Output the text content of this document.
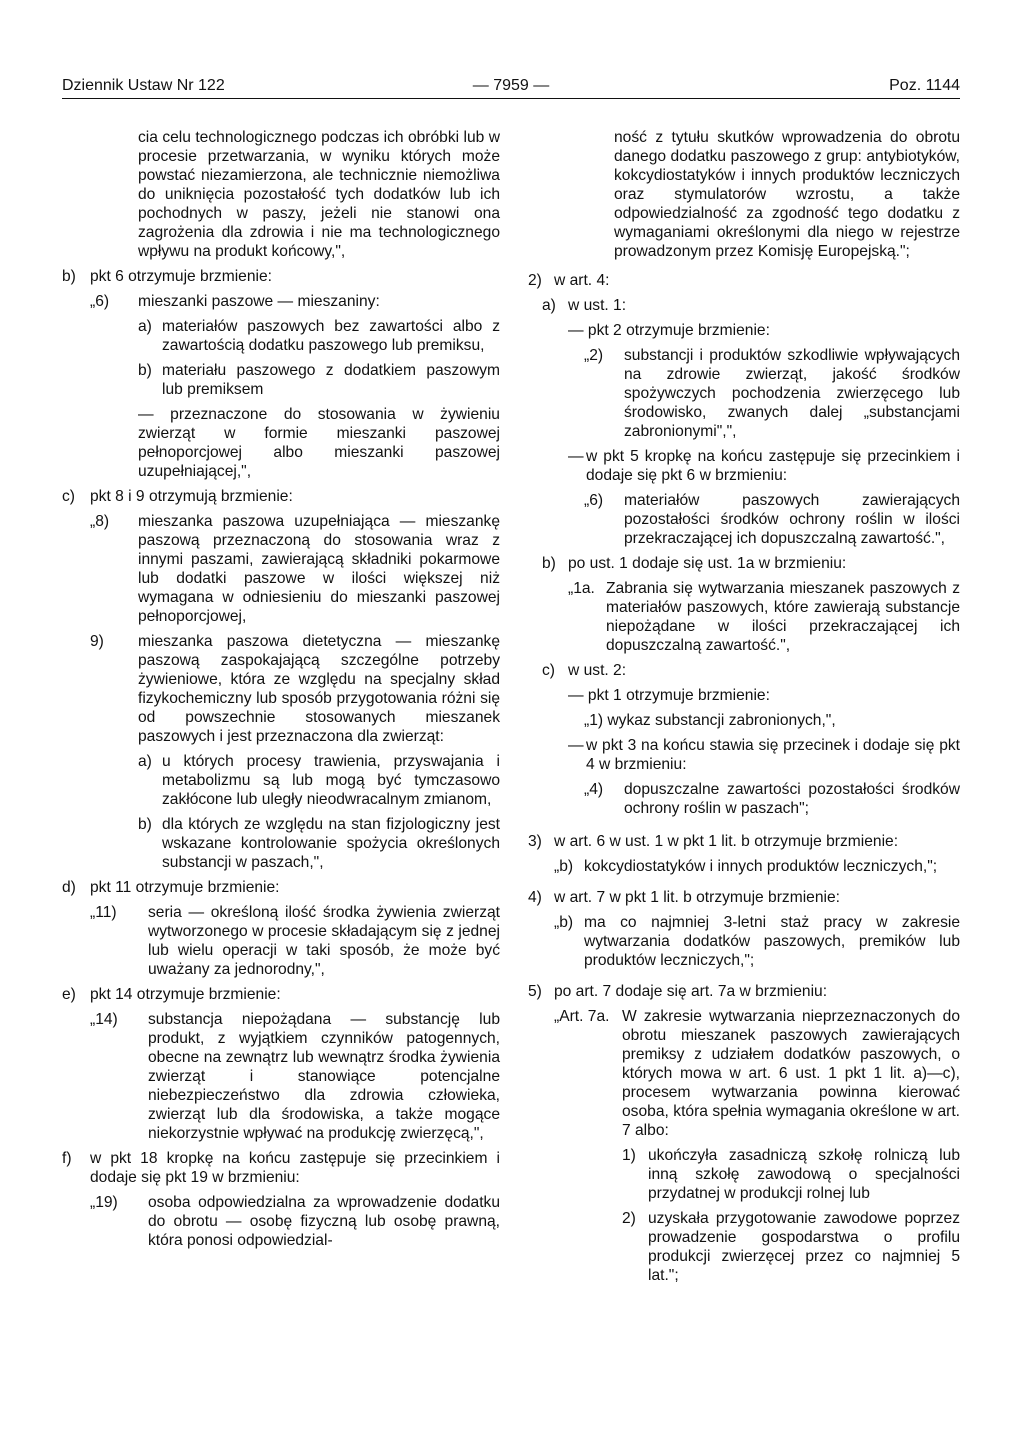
Dziennik Ustaw Nr 122	— 7959 —	Poz. 1144
cia celu technologicznego podczas ich obróbki lub w procesie przetwarzania, w wyniku których może powstać niezamierzona, ale technicznie niemożliwa do uniknięcia pozostałość tych dodatków lub ich pochodnych w paszy, jeżeli nie stanowi ona zagrożenia dla zdrowia i nie ma technologicznego wpływu na produkt końcowy,",
b) pkt 6 otrzymuje brzmienie:
„6) mieszanki paszowe — mieszaniny:
a) materiałów paszowych bez zawartości albo z zawartością dodatku paszowego lub premiksu,
b) materiału paszowego z dodatkiem paszowym lub premiksem
— przeznaczone do stosowania w żywieniu zwierząt w formie mieszanki paszowej pełnoporcjowej albo mieszanki paszowej uzupełniającej,",
c) pkt 8 i 9 otrzymują brzmienie:
„8) mieszanka paszowa uzupełniająca — mieszankę paszową przeznaczoną do stosowania wraz z innymi paszami, zawierającą składniki pokarmowe lub dodatki paszowe w ilości większej niż wymagana w odniesieniu do mieszanki paszowej pełnoporcjowej,
9) mieszanka paszowa dietetyczna — mieszankę paszową zaspokajającą szczególne potrzeby żywieniowe, która ze względu na specjalny skład fizykochemiczny lub sposób przygotowania różni się od powszechnie stosowanych mieszanek paszowych i jest przeznaczona dla zwierząt:
a) u których procesy trawienia, przyswajania i metabolizmu są lub mogą być tymczasowo zakłócone lub uległy nieodwracalnym zmianom,
b) dla których ze względu na stan fizjologiczny jest wskazane kontrolowanie spożycia określonych substancji w paszach,",
d) pkt 11 otrzymuje brzmienie:
„11) seria — określoną ilość środka żywienia zwierząt wytworzonego w procesie składającym się z jednej lub wielu operacji w taki sposób, że może być uważany za jednorodny,",
e) pkt 14 otrzymuje brzmienie:
„14) substancja niepożądana — substancję lub produkt, z wyjątkiem czynników patogennych, obecne na zewnątrz lub wewnątrz środka żywienia zwierząt i stanowiące potencjalne niebezpieczeństwo dla zdrowia człowieka, zwierząt lub dla środowiska, a także mogące niekorzystnie wpływać na produkcję zwierzęcą,",
f) w pkt 18 kropkę na końcu zastępuje się przecinkiem i dodaje się pkt 19 w brzmieniu:
„19) osoba odpowiedzialna za wprowadzenie dodatku do obrotu — osobę fizyczną lub osobę prawną, która ponosi odpowiedzial-
ność z tytułu skutków wprowadzenia do obrotu danego dodatku paszowego z grup: antybiotyków, kokcydiostatyków i innych produktów leczniczych oraz stymulatorów wzrostu, a także odpowiedzialność za zgodność tego dodatku z wymaganiami określonymi dla niego w rejestrze prowadzonym przez Komisję Europejską.";
2) w art. 4:
a) w ust. 1:
— pkt 2 otrzymuje brzmienie:
„2) substancji i produktów szkodliwie wpływających na zdrowie zwierząt, jakość środków spożywczych pochodzenia zwierzęcego lub środowisko, zwanych dalej „substancjami zabronionymi",",
— w pkt 5 kropkę na końcu zastępuje się przecinkiem i dodaje się pkt 6 w brzmieniu:
„6) materiałów paszowych zawierających pozostałości środków ochrony roślin w ilości przekraczającej ich dopuszczalną zawartość.",
b) po ust. 1 dodaje się ust. 1a w brzmieniu:
„1a. Zabrania się wytwarzania mieszanek paszowych z materiałów paszowych, które zawierają substancje niepożądane w ilości przekraczającej ich dopuszczalną zawartość.",
c) w ust. 2:
— pkt 1 otrzymuje brzmienie:
„1) wykaz substancji zabronionych,",
— w pkt 3 na końcu stawia się przecinek i dodaje się pkt 4 w brzmieniu:
„4) dopuszczalne zawartości pozostałości środków ochrony roślin w paszach";
3) w art. 6 w ust. 1 w pkt 1 lit. b otrzymuje brzmienie:
„b) kokcydiostatyków i innych produktów leczniczych,";
4) w art. 7 w pkt 1 lit. b otrzymuje brzmienie:
„b) ma co najmniej 3-letni staż pracy w zakresie wytwarzania dodatków paszowych, premików lub produktów leczniczych,";
5) po art. 7 dodaje się art. 7a w brzmieniu:
„Art. 7a. W zakresie wytwarzania nieprzeznaczonych do obrotu mieszanek paszowych zawierających premiksy z udziałem dodatków paszowych, o których mowa w art. 6 ust. 1 pkt 1 lit. a)—c), procesem wytwarzania powinna kierować osoba, która spełnia wymagania określone w art. 7 albo:
1) ukończyła zasadniczą szkołę rolniczą lub inną szkołę zawodową o specjalności przydatnej w produkcji rolnej lub
2) uzyskała przygotowanie zawodowe poprzez prowadzenie gospodarstwa o profilu produkcji zwierzęcej przez co najmniej 5 lat.";
